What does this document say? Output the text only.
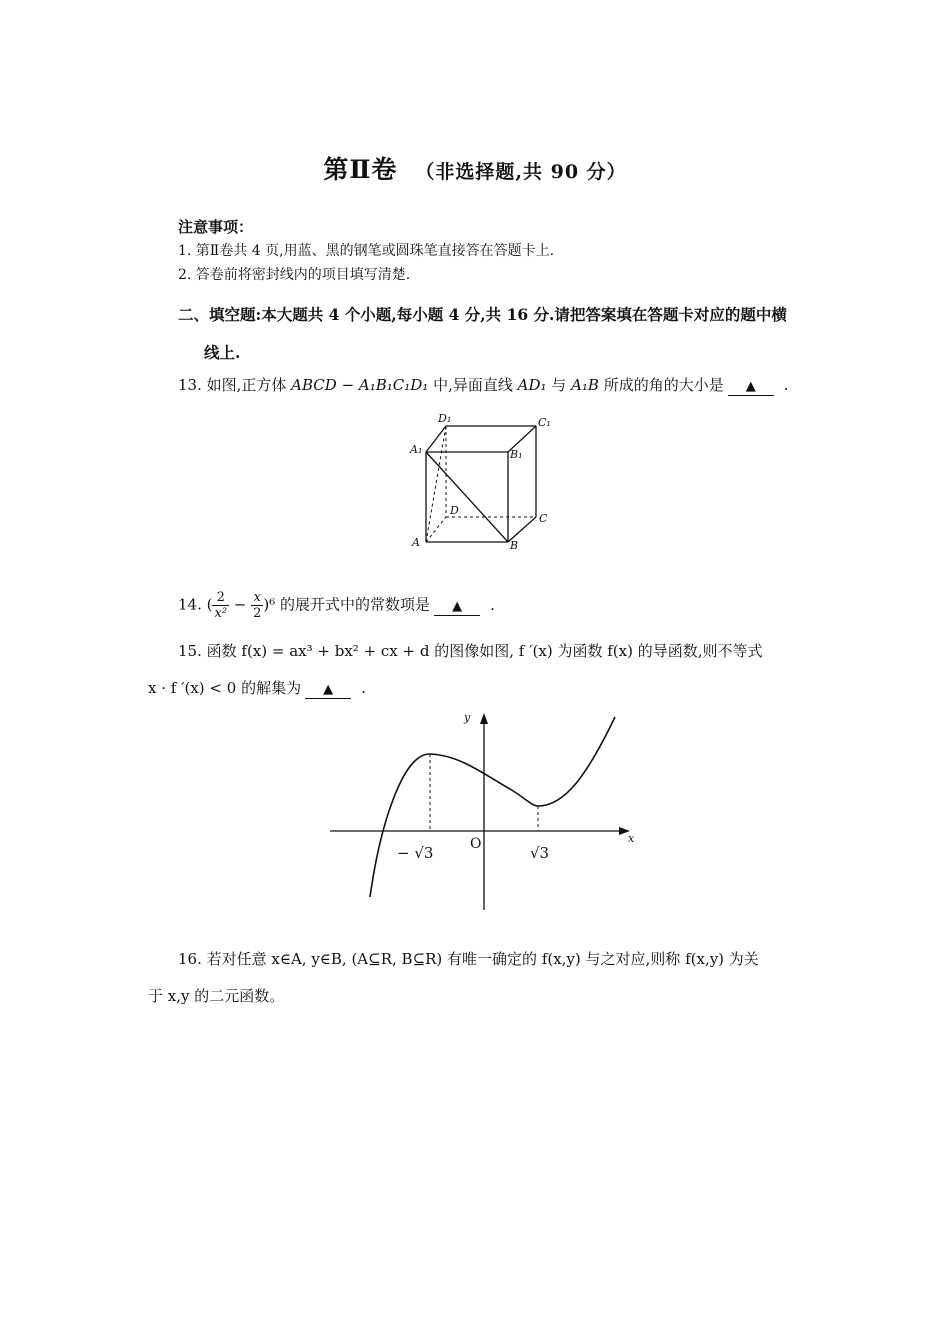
第Ⅱ卷 （非选择题,共 90 分）
注意事项：
1. 第Ⅱ卷共 4 页,用蓝、黑的钢笔或圆珠笔直接答在答题卡上.
2. 答卷前将密封线内的项目填写清楚.
二、填空题:本大题共 4 个小题,每小题 4 分,共 16 分.请把答案填在答题卡对应的题中横
线上.
13. 如图,正方体 ABCD − A₁B₁C₁D₁ 中,异面直线 AD₁ 与 A₁B 所成的角的大小是 ▲ .
D₁	C₁
A₁	B₁
D
C
A	B
14. ( $\frac{2}{\text{x²}} - \frac{x}{2} )^6$ 的展开式中的常数项是 ▲ .
15. 函数 f(x) = ax³ + bx² + cx + d 的图像如图, f ′(x) 为函数 f(x) 的导函数,则不等式
x · f ′(x) < 0 的解集为 ▲ .
y
x
O
− √3	√3
16. 若对任意 x∈A, y∈B, (A⊆R, B⊆R) 有唯一确定的 f(x,y) 与之对应,则称 f(x,y) 为关
于 x,y 的二元函数。
